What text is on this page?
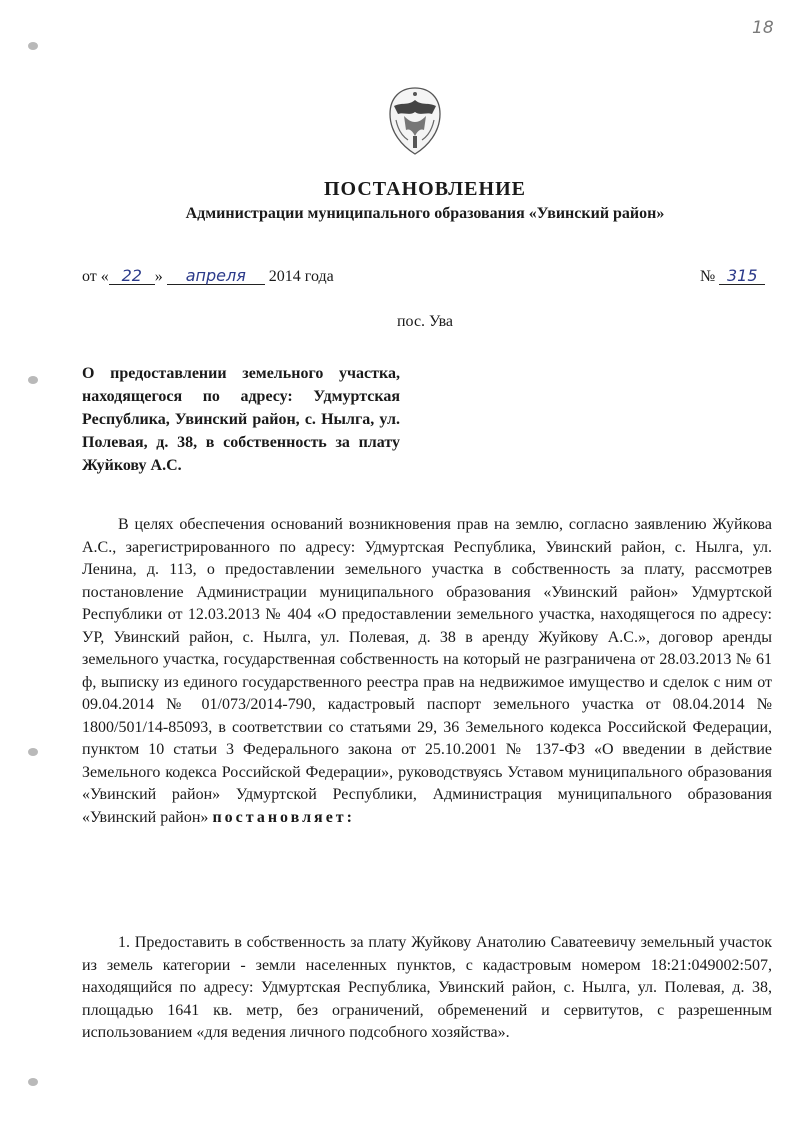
18
ПОСТАНОВЛЕНИЕ
Администрации муниципального образования «Увинский район»
от « 22 » апреля 2014 года	№ 315
пос. Ува
О предоставлении земельного участка, находящегося по адресу: Удмуртская Республика, Увинский район, с. Нылга, ул. Полевая, д. 38, в собственность за плату Жуйкову А.С.
В целях обеспечения оснований возникновения прав на землю, согласно заявлению Жуйкова А.С., зарегистрированного по адресу: Удмуртская Республика, Увинский район, с. Нылга, ул. Ленина, д. 113, о предоставлении земельного участка в собственность за плату, рассмотрев постановление Администрации муниципального образования «Увинский район» Удмуртской Республики от 12.03.2013 № 404 «О предоставлении земельного участка, находящегося по адресу: УР, Увинский район, с. Нылга, ул. Полевая, д. 38 в аренду Жуйкову А.С.», договор аренды земельного участка, государственная собственность на который не разграничена от 28.03.2013 № 61 ф, выписку из единого государственного реестра прав на недвижимое имущество и сделок с ним от 09.04.2014 № 01/073/2014-790, кадастровый паспорт земельного участка от 08.04.2014 № 1800/501/14-85093, в соответствии со статьями 29, 36 Земельного кодекса Российской Федерации, пунктом 10 статьи 3 Федерального закона от 25.10.2001 № 137-ФЗ «О введении в действие Земельного кодекса Российской Федерации», руководствуясь Уставом муниципального образования «Увинский район» Удмуртской Республики, Администрация муниципального образования «Увинский район» постановляет:
1. Предоставить в собственность за плату Жуйкову Анатолию Саватеевичу земельный участок из земель категории - земли населенных пунктов, с кадастровым номером 18:21:049002:507, находящийся по адресу: Удмуртская Республика, Увинский район, с. Нылга, ул. Полевая, д. 38, площадью 1641 кв. метр, без ограничений, обременений и сервитутов, с разрешенным использованием «для ведения личного подсобного хозяйства».
